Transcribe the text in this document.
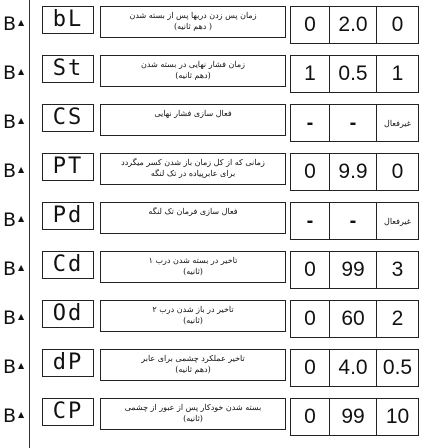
B ▲	bL	زمان پس زدن دربها پس از بسته شدن
( دهم ثانیه)	0 2.0 0
B ▲	St	زمان فشار نهایی در بسته شدن
(دهم ثانیه)	1 0.5 1
B ▲	CS	فعال سازی فشار نهایی	- -	غیرفعال
B ▲	PT	زمانی که از کل زمان باز شدن کسر میگردد
برای عابرپیاده در تک لنگه	0 9.9 0
B ▲	Pd	فعال سازی فرمان تک لنگه	- -	غیرفعال
B ▲	Cd	تاخیر در بسته شدن درب ۱
(ثانیه)	0 99 3
B ▲	Od	تاخیر در باز شدن درب ۲
(ثانیه)	0 60 2
B ▲	dP	تاخیر عملکرد چشمی برای عابر
(دهم ثانیه)	0 4.0 0.5
B ▲	CP	بسته شدن خودکار پس از عبور از چشمی
(ثانیه)	0 99 10
